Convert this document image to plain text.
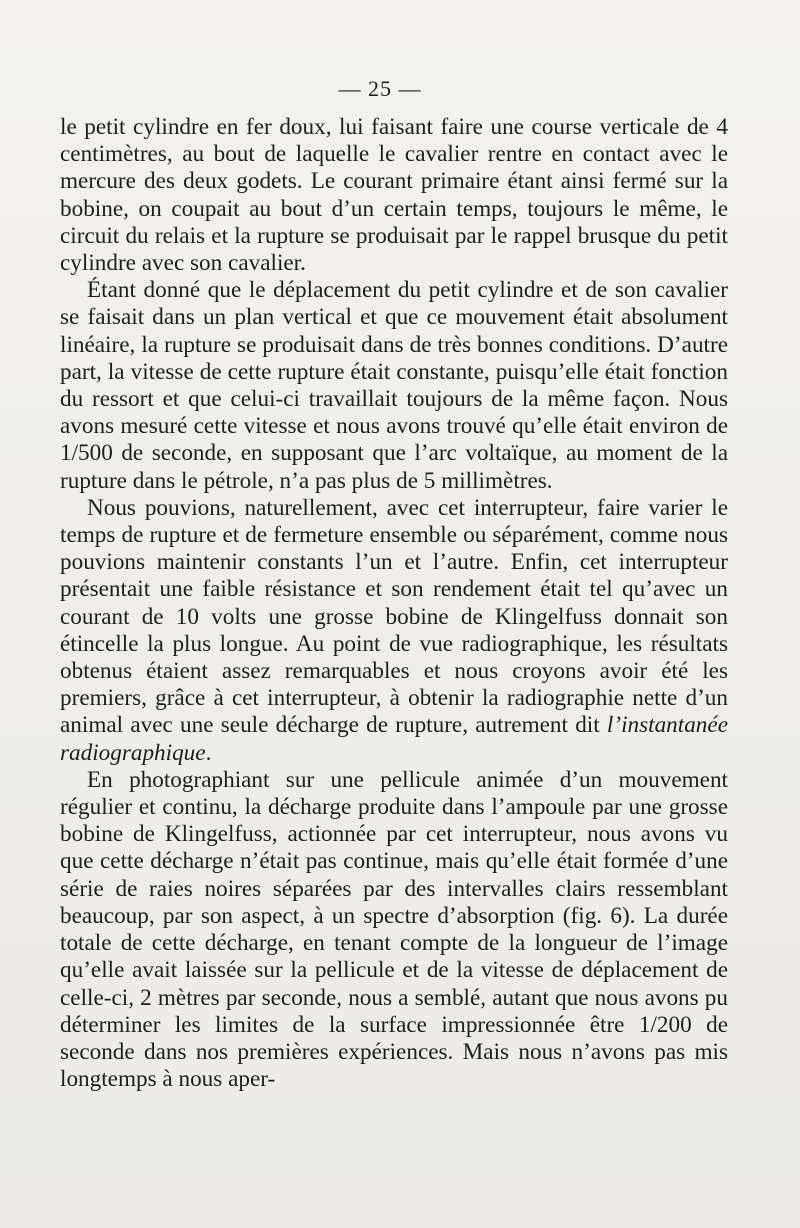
— 25 —

le petit cylindre en fer doux, lui faisant faire une course verticale de 4 centimètres, au bout de laquelle le cavalier rentre en contact avec le mercure des deux godets. Le courant primaire étant ainsi fermé sur la bobine, on coupait au bout d’un certain temps, toujours le même, le circuit du relais et la rupture se produisait par le rappel brusque du petit cylindre avec son cavalier.

Étant donné que le déplacement du petit cylindre et de son cavalier se faisait dans un plan vertical et que ce mouvement était absolument linéaire, la rupture se produisait dans de très bonnes conditions. D’autre part, la vitesse de cette rupture était constante, puisqu’elle était fonction du ressort et que celui-ci travaillait toujours de la même façon. Nous avons mesuré cette vitesse et nous avons trouvé qu’elle était environ de 1/500 de seconde, en supposant que l’arc voltaïque, au moment de la rupture dans le pétrole, n’a pas plus de 5 millimètres.

Nous pouvions, naturellement, avec cet interrupteur, faire varier le temps de rupture et de fermeture ensemble ou séparément, comme nous pouvions maintenir constants l’un et l’autre. Enfin, cet interrupteur présentait une faible résistance et son rendement était tel qu’avec un courant de 10 volts une grosse bobine de Klingelfuss donnait son étincelle la plus longue. Au point de vue radiographique, les résultats obtenus étaient assez remarquables et nous croyons avoir été les premiers, grâce à cet interrupteur, à obtenir la radiographie nette d’un animal avec une seule décharge de rupture, autrement dit l’instantanée radiographique.

En photographiant sur une pellicule animée d’un mouvement régulier et continu, la décharge produite dans l’ampoule par une grosse bobine de Klingelfuss, actionnée par cet interrupteur, nous avons vu que cette décharge n’était pas continue, mais qu’elle était formée d’une série de raies noires séparées par des intervalles clairs ressemblant beaucoup, par son aspect, à un spectre d’absorption (fig. 6). La durée totale de cette décharge, en tenant compte de la longueur de l’image qu’elle avait laissée sur la pellicule et de la vitesse de déplacement de celle-ci, 2 mètres par seconde, nous a semblé, autant que nous avons pu déterminer les limites de la surface impressionnée être 1/200 de seconde dans nos premières expériences. Mais nous n’avons pas mis longtemps à nous aper-
